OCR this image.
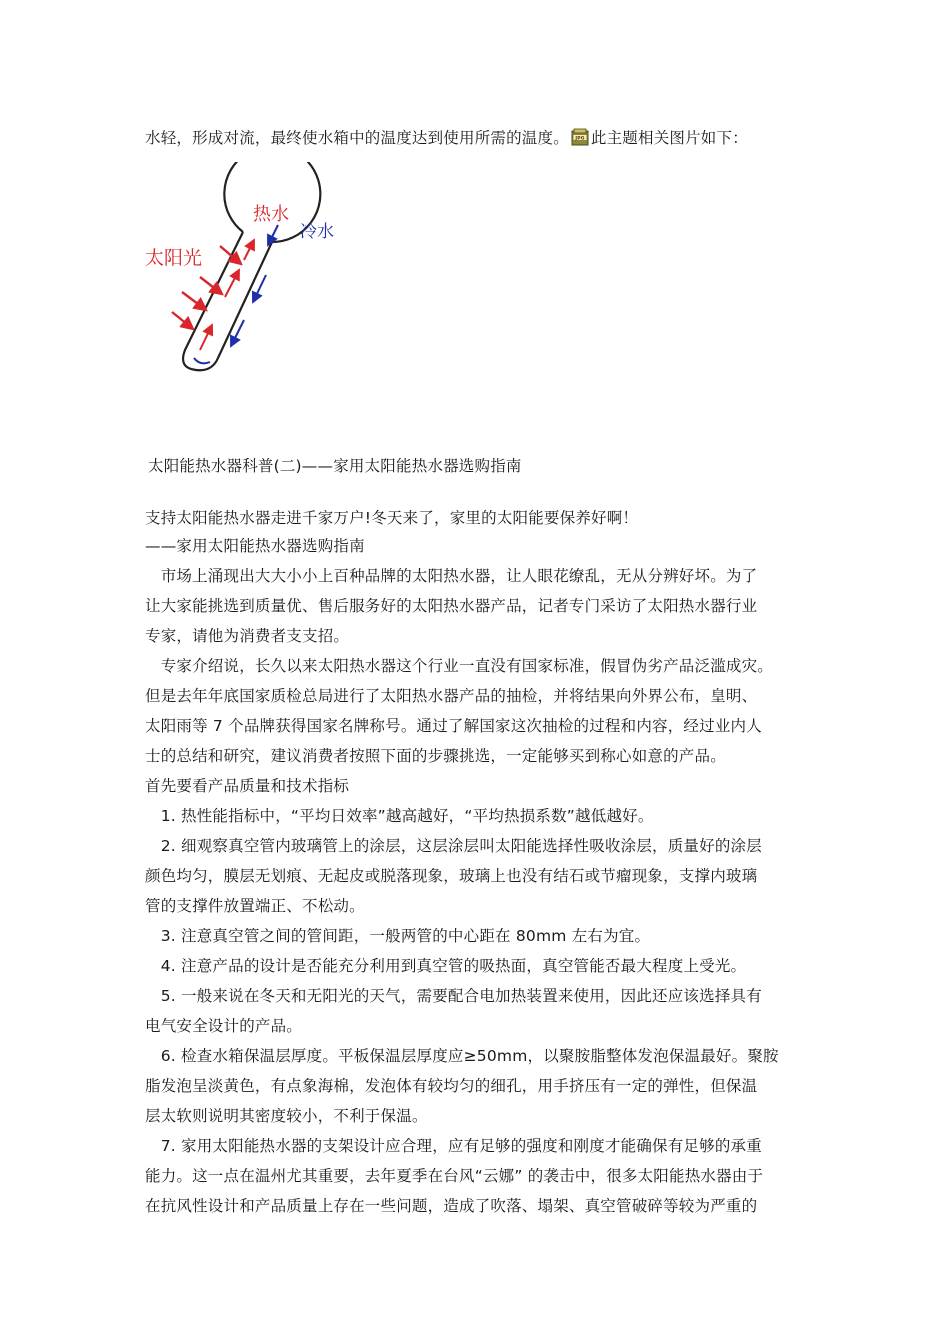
水轻，形成对流，最终使水箱中的温度达到使用所需的温度。 JPG 此主题相关图片如下：
热水
冷水
太阳光
太阳能热水器科普(二)——家用太阳能热水器选购指南
支持太阳能热水器走进千家万户!冬天来了，家里的太阳能要保养好啊！
——家用太阳能热水器选购指南
　市场上涌现出大大小小上百种品牌的太阳热水器，让人眼花缭乱，无从分辨好坏。为了
让大家能挑选到质量优、售后服务好的太阳热水器产品，记者专门采访了太阳热水器行业
专家，请他为消费者支支招。
　专家介绍说，长久以来太阳热水器这个行业一直没有国家标准，假冒伪劣产品泛滥成灾。
但是去年年底国家质检总局进行了太阳热水器产品的抽检，并将结果向外界公布，皇明、
太阳雨等 7 个品牌获得国家名牌称号。通过了解国家这次抽检的过程和内容，经过业内人
士的总结和研究，建议消费者按照下面的步骤挑选，一定能够买到称心如意的产品。
首先要看产品质量和技术指标
　1. 热性能指标中，“平均日效率”越高越好，“平均热损系数”越低越好。
　2. 细观察真空管内玻璃管上的涂层，这层涂层叫太阳能选择性吸收涂层，质量好的涂层
颜色均匀，膜层无划痕、无起皮或脱落现象，玻璃上也没有结石或节瘤现象，支撑内玻璃
管的支撑件放置端正、不松动。
　3. 注意真空管之间的管间距，一般两管的中心距在 80mm 左右为宜。
　4. 注意产品的设计是否能充分利用到真空管的吸热面，真空管能否最大程度上受光。
　5. 一般来说在冬天和无阳光的天气，需要配合电加热装置来使用，因此还应该选择具有
电气安全设计的产品。
　6. 检查水箱保温层厚度。平板保温层厚度应≥50mm，以聚胺脂整体发泡保温最好。聚胺
脂发泡呈淡黄色，有点象海棉，发泡体有较均匀的细孔，用手挤压有一定的弹性，但保温
层太软则说明其密度较小，不利于保温。
　7. 家用太阳能热水器的支架设计应合理，应有足够的强度和刚度才能确保有足够的承重
能力。这一点在温州尤其重要，去年夏季在台风“云娜” 的袭击中，很多太阳能热水器由于
在抗风性设计和产品质量上存在一些问题，造成了吹落、塌架、真空管破碎等较为严重的
